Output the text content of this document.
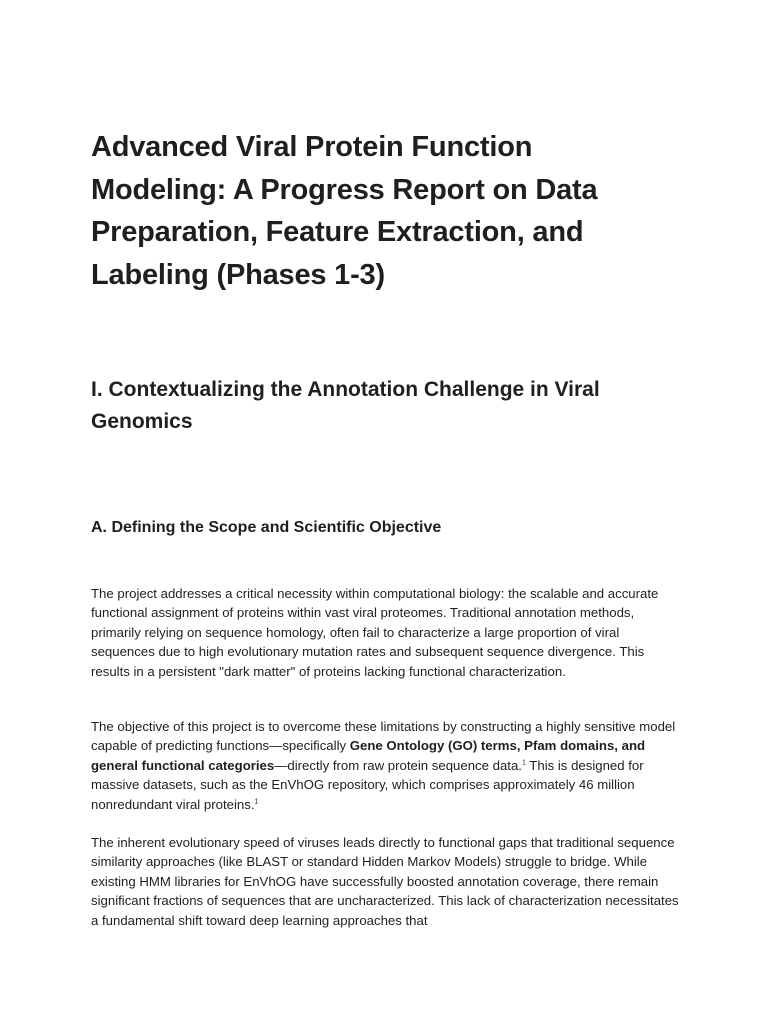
Advanced Viral Protein Function Modeling: A Progress Report on Data Preparation, Feature Extraction, and Labeling (Phases 1-3)
I. Contextualizing the Annotation Challenge in Viral Genomics
A. Defining the Scope and Scientific Objective

The project addresses a critical necessity within computational biology: the scalable and accurate functional assignment of proteins within vast viral proteomes. Traditional annotation methods, primarily relying on sequence homology, often fail to characterize a large proportion of viral sequences due to high evolutionary mutation rates and subsequent sequence divergence. This results in a persistent "dark matter" of proteins lacking functional characterization.

The objective of this project is to overcome these limitations by constructing a highly sensitive model capable of predicting functions—specifically Gene Ontology (GO) terms, Pfam domains, and general functional categories—directly from raw protein sequence data.$^1$ This is designed for massive datasets, such as the EnVhOG repository, which comprises approximately 46 million nonredundant viral proteins.$^1$

The inherent evolutionary speed of viruses leads directly to functional gaps that traditional sequence similarity approaches (like BLAST or standard Hidden Markov Models) struggle to bridge. While existing HMM libraries for EnVhOG have successfully boosted annotation coverage, there remain significant fractions of sequences that are uncharacterized. This lack of characterization necessitates a fundamental shift toward deep learning approaches that
